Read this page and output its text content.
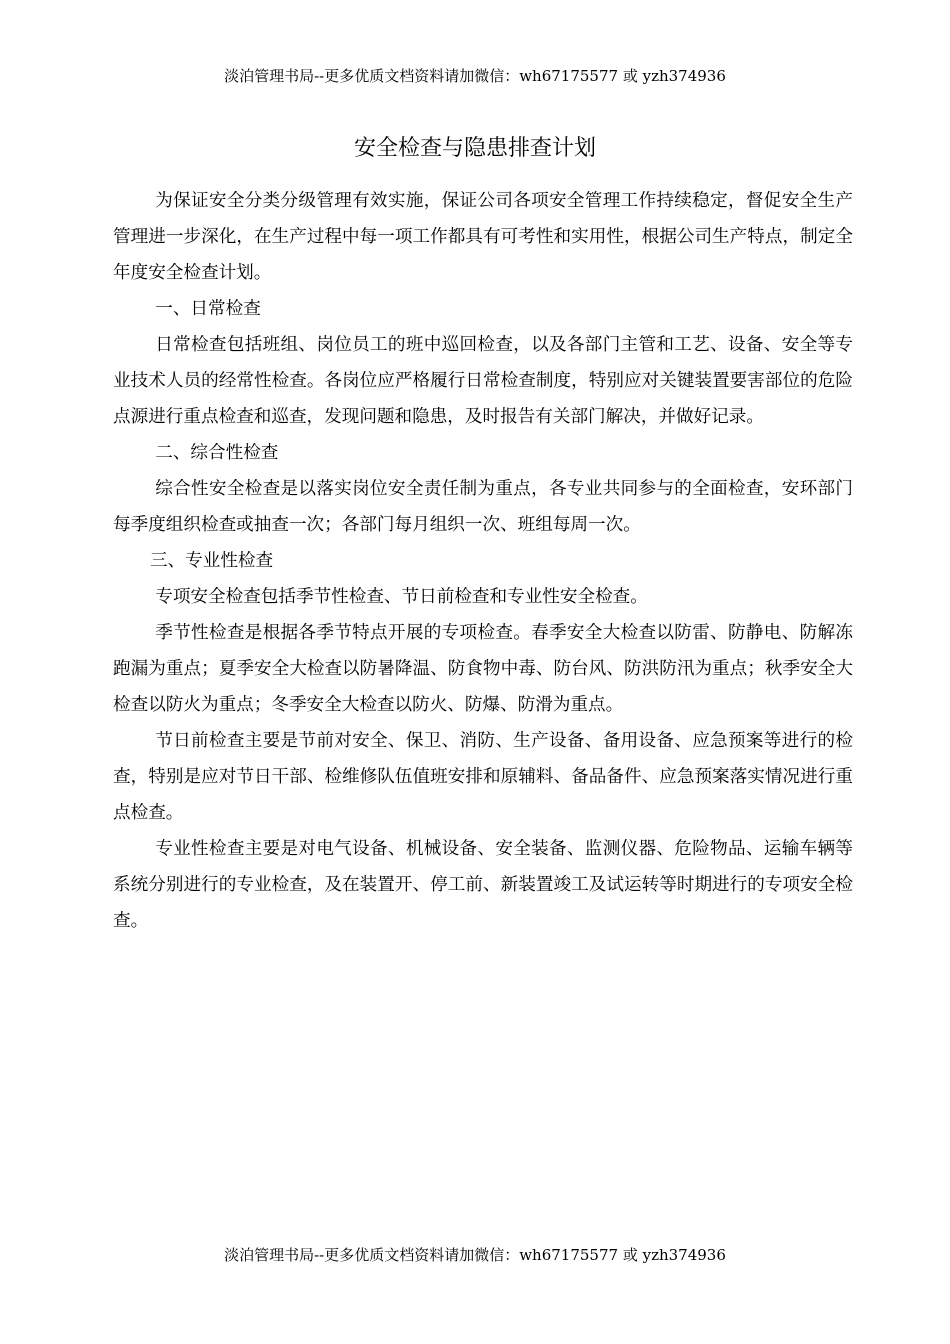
淡泊管理书局--更多优质文档资料请加微信：wh67175577 或 yzh374936
安全检查与隐患排查计划

为保证安全分类分级管理有效实施，保证公司各项安全管理工作持续稳定，督促安全生产管理进一步深化，在生产过程中每一项工作都具有可考性和实用性，根据公司生产特点，制定全年度安全检查计划。

一、日常检查

日常检查包括班组、岗位员工的班中巡回检查，以及各部门主管和工艺、设备、安全等专业技术人员的经常性检查。各岗位应严格履行日常检查制度，特别应对关键装置要害部位的危险点源进行重点检查和巡查，发现问题和隐患，及时报告有关部门解决，并做好记录。

二、综合性检查

综合性安全检查是以落实岗位安全责任制为重点，各专业共同参与的全面检查，安环部门每季度组织检查或抽查一次；各部门每月组织一次、班组每周一次。

三、专业性检查

专项安全检查包括季节性检查、节日前检查和专业性安全检查。

季节性检查是根据各季节特点开展的专项检查。春季安全大检查以防雷、防静电、防解冻跑漏为重点；夏季安全大检查以防暑降温、防食物中毒、防台风、防洪防汛为重点；秋季安全大检查以防火为重点；冬季安全大检查以防火、防爆、防滑为重点。

节日前检查主要是节前对安全、保卫、消防、生产设备、备用设备、应急预案等进行的检查，特别是应对节日干部、检维修队伍值班安排和原辅料、备品备件、应急预案落实情况进行重点检查。

专业性检查主要是对电气设备、机械设备、安全装备、监测仪器、危险物品、运输车辆等系统分别进行的专业检查，及在装置开、停工前、新装置竣工及试运转等时期进行的专项安全检查。

淡泊管理书局--更多优质文档资料请加微信：wh67175577 或 yzh374936
